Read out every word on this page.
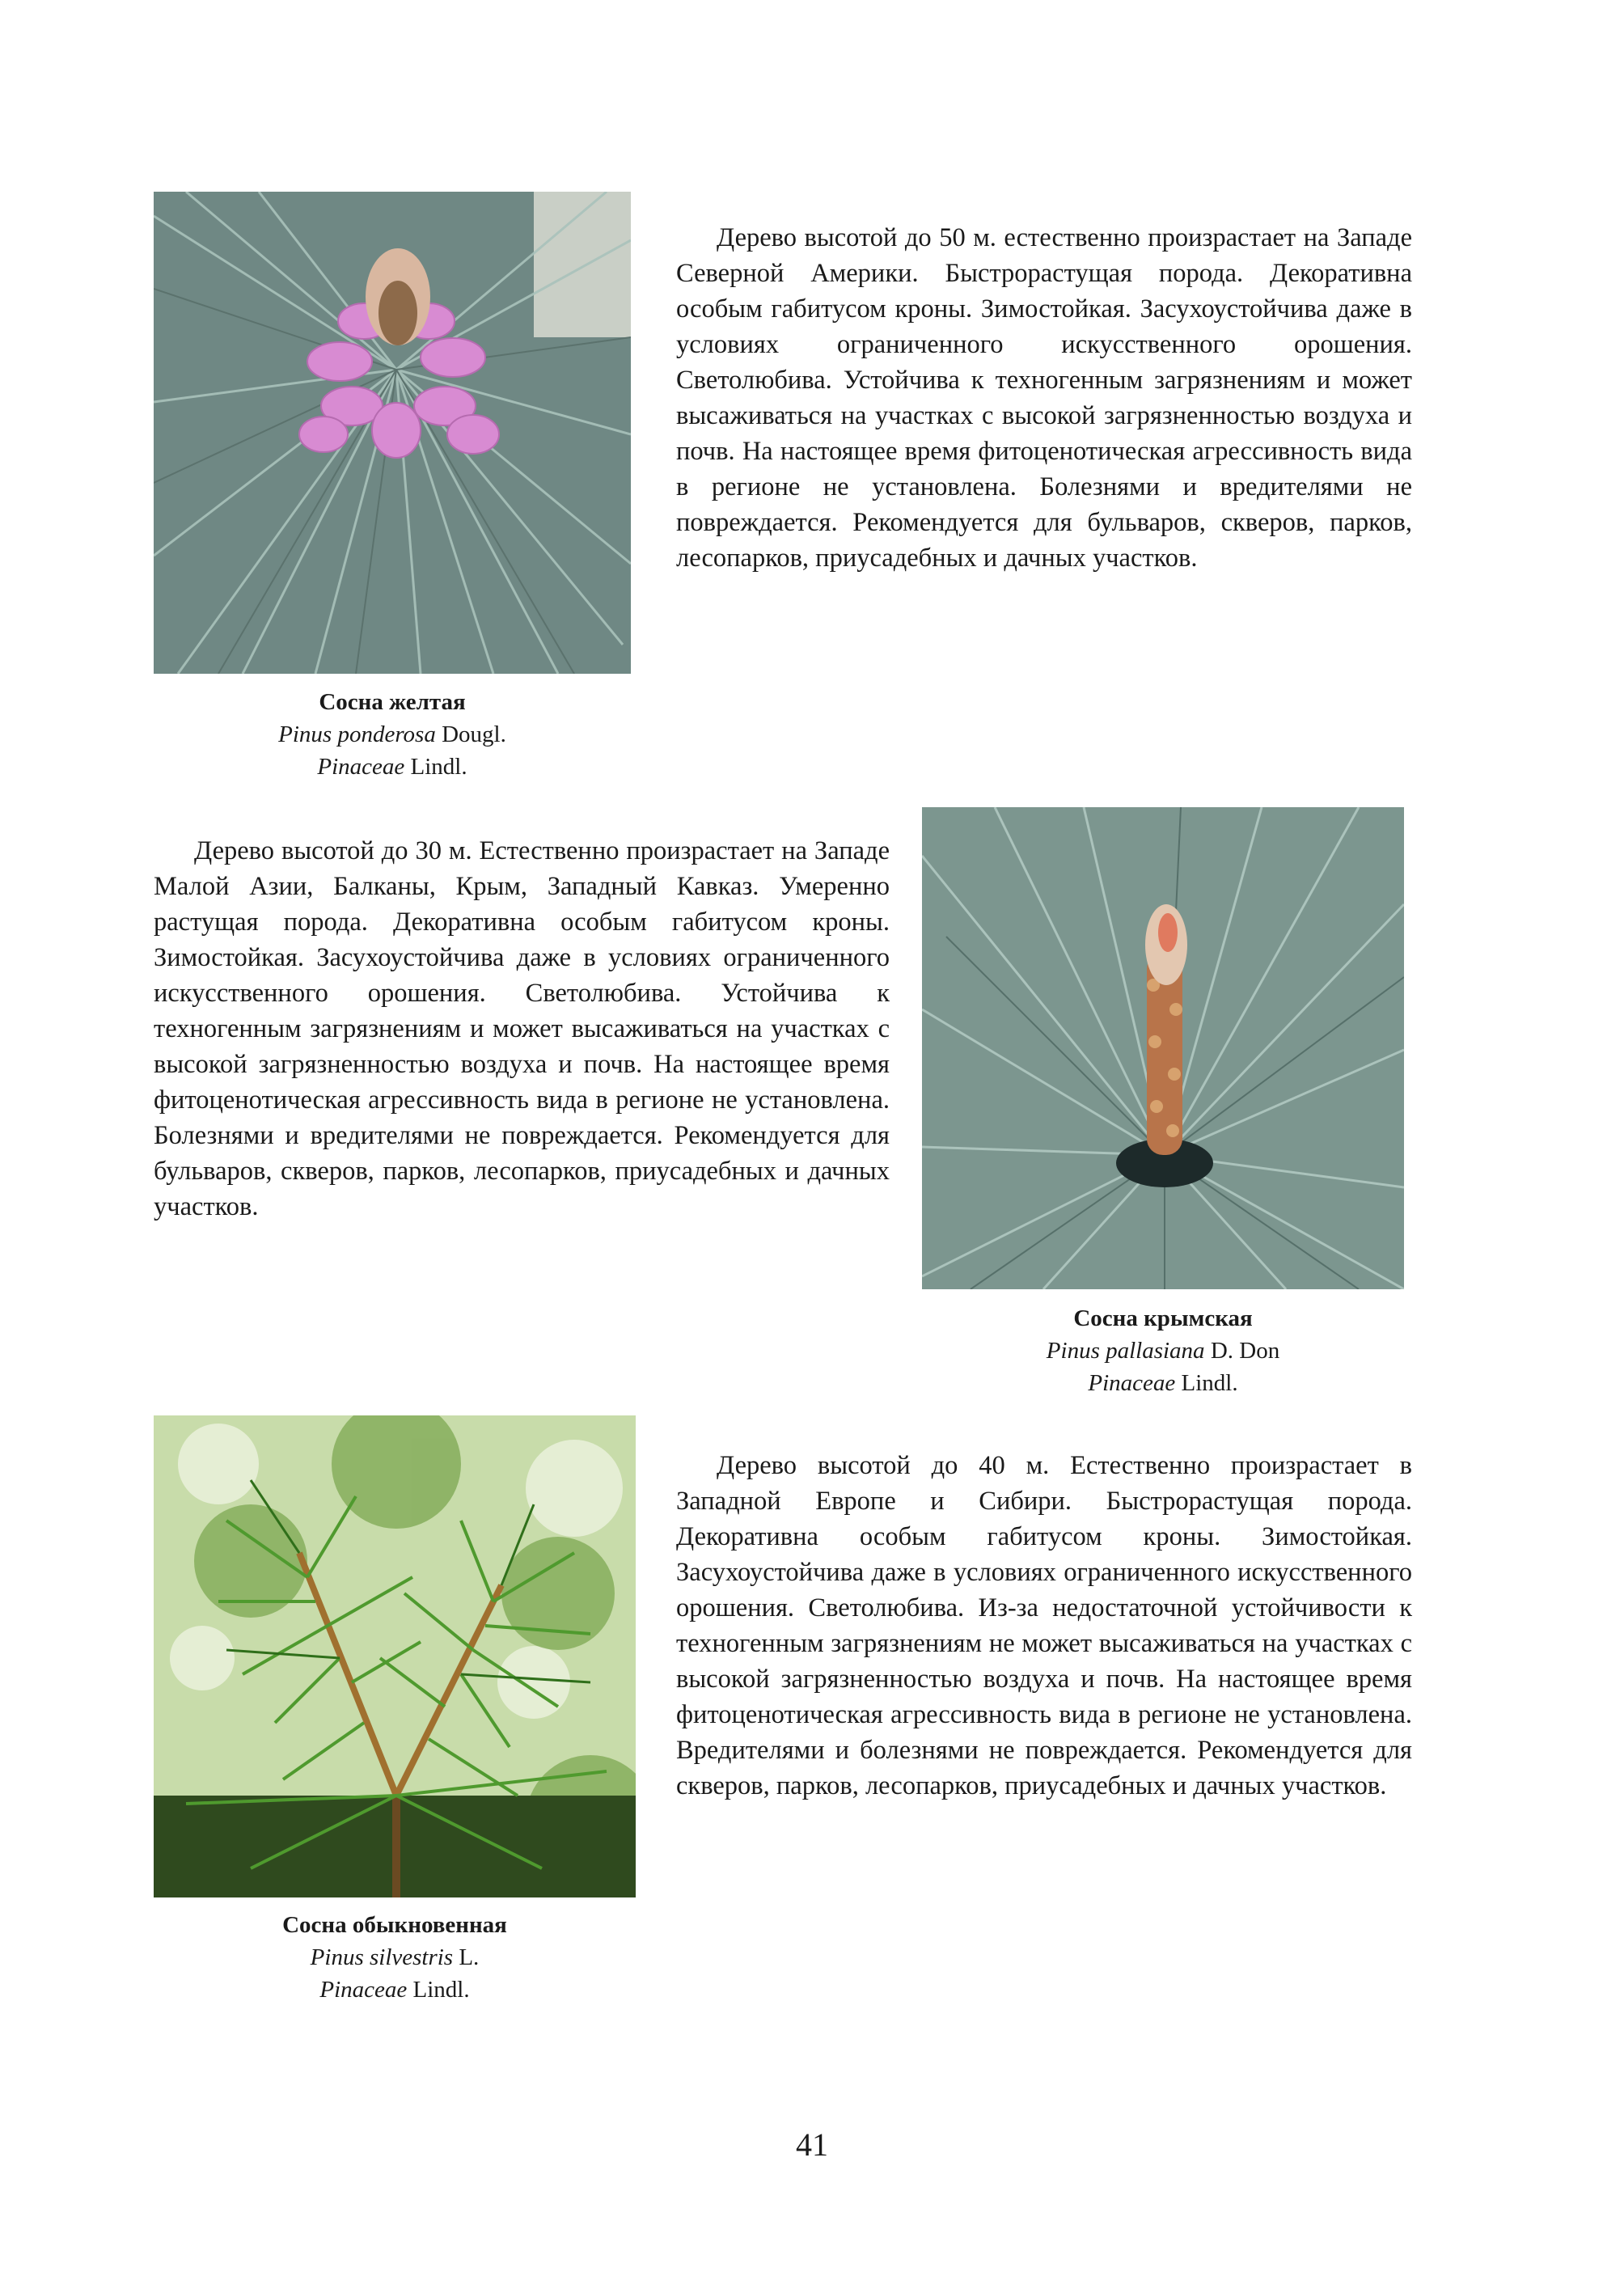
Сосна желтая
Pinus ponderosa Dougl.
Pinaceae Lindl.
Дерево высотой до 50 м. естественно произрастает на Западе Северной Америки. Быстрорастущая порода. Декоративна особым габитусом кроны. Зимостойкая. Засухоустойчива даже в условиях ограниченного искусственного орошения. Светолюбива. Устойчива к техногенным загрязнениям и может высаживаться на участках с высокой загрязненностью воздуха и почв. На настоящее время фитоценотическая агрессивность вида в регионе не установлена. Болезнями и вредителями не повреждается. Рекомендуется для бульваров, скверов, парков, лесопарков, приусадебных и дачных участков.
Дерево высотой до 30 м. Естественно произрастает на Западе Малой Азии, Балканы, Крым, Западный Кавказ. Умеренно растущая порода. Декоративна особым габитусом кроны. Зимостойкая. Засухоустойчива даже в условиях ограниченного искусственного орошения. Светолюбива. Устойчива к техногенным загрязнениям и может высаживаться на участках с высокой загрязненностью воздуха и почв. На настоящее время фитоценотическая агрессивность вида в регионе не установлена. Болезнями и вредителями не повреждается. Рекомендуется для бульваров, скверов, парков, лесопарков, приусадебных и дачных участков.
Сосна крымская
Pinus pallasiana D. Don
Pinaceae Lindl.
Сосна обыкновенная
Pinus silvestris L.
Pinaceae Lindl.
Дерево высотой до 40 м. Естественно произрастает в Западной Европе и Сибири. Быстрорастущая порода. Декоративна особым габитусом кроны. Зимостойкая. Засухоустойчива даже в условиях ограниченного искусственного орошения. Светолюбива. Из-за недостаточной устойчивости к техногенным загрязнениям не может высаживаться на участках с высокой загрязненностью воздуха и почв. На настоящее время фитоценотическая агрессивность вида в регионе не установлена. Вредителями и болезнями не повреждается. Рекомендуется для скверов, парков, лесопарков, приусадебных и дачных участков.
41
